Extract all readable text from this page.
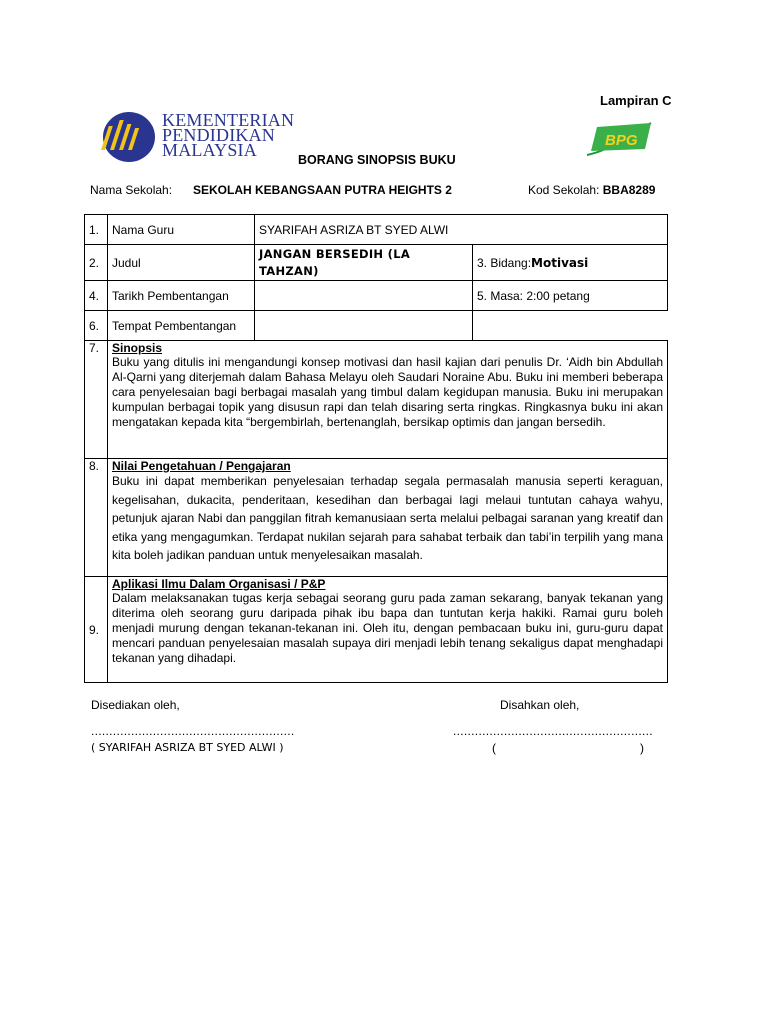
Lampiran C
KEMENTERIAN
PENDIDIKAN
MALAYSIA	BPG
BORANG SINOPSIS BUKU
Nama Sekolah: SEKOLAH KEBANGSAAN PUTRA HEIGHTS 2	Kod Sekolah: BBA8289
1.	Nama Guru	SYARIFAH ASRIZA BT SYED ALWI	
2.	Judul	JANGAN BERSEDIH (LA TAHZAN)	3. Bidang:Motivasi
4.	Tarikh Pembentangan		5. Masa: 2:00 petang
6.	Tempat Pembentangan		
7.	Sinopsis
Buku yang ditulis ini mengandungi konsep motivasi dan hasil kajian dari penulis Dr. ‘Aidh bin Abdullah Al-Qarni yang diterjemah dalam Bahasa Melayu oleh Saudari Noraine Abu. Buku ini memberi beberapa cara penyelesaian bagi berbagai masalah yang timbul dalam kegidupan manusia. Buku ini merupakan kumpulan berbagai topik yang disusun rapi dan telah disaring serta ringkas. Ringkasnya buku ini akan mengatakan kepada kita “bergembirlah, bertenanglah, bersikap optimis dan jangan bersedih.		

8.	Nilai Pengetahuan / Pengajaran
Buku ini dapat memberikan penyelesaian terhadap segala permasalah manusia seperti keraguan, kegelisahan, dukacita, penderitaan, kesedihan dan berbagai lagi melaui tuntutan cahaya wahyu, petunjuk ajaran Nabi dan panggilan fitrah kemanusiaan serta melalui pelbagai saranan yang kreatif dan etika yang mengagumkan. Terdapat nukilan sejarah para sahabat terbaik dan tabi’in terpilih yang mana kita boleh jadikan panduan untuk menyelesaikan masalah.		

9.	Aplikasi Ilmu Dalam Organisasi / P&P
Dalam melaksanakan tugas kerja sebagai seorang guru pada zaman sekarang, banyak tekanan yang diterima oleh seorang guru daripada pihak ibu bapa dan tuntutan kerja hakiki. Ramai guru boleh menjadi murung dengan tekanan-tekanan ini. Oleh itu, dengan pembacaan buku ini, guru-guru dapat mencari panduan penyelesaian masalah supaya diri menjadi lebih tenang sekaligus dapat menghadapi tekanan yang dihadapi.		
Disediakan oleh,	Disahkan oleh,
........................................................	.......................................................
( SYARIFAH ASRIZA BT SYED ALWI )	(	)
